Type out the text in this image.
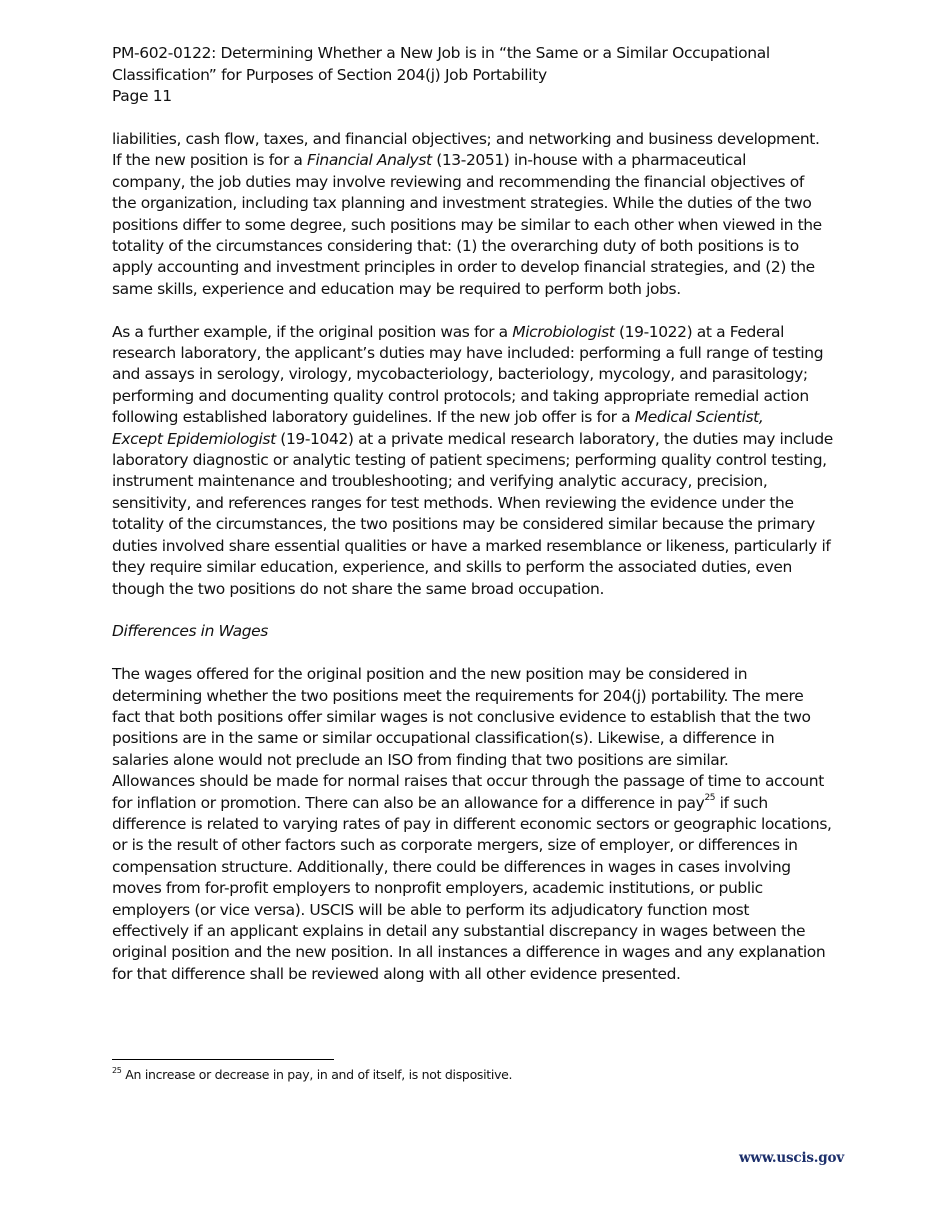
PM-602-0122: Determining Whether a New Job is in “the Same or a Similar Occupational
Classification” for Purposes of Section 204(j) Job Portability
Page 11
liabilities, cash flow, taxes, and financial objectives; and networking and business development.
If the new position is for a Financial Analyst (13-2051) in-house with a pharmaceutical
company, the job duties may involve reviewing and recommending the financial objectives of
the organization, including tax planning and investment strategies. While the duties of the two
positions differ to some degree, such positions may be similar to each other when viewed in the
totality of the circumstances considering that: (1) the overarching duty of both positions is to
apply accounting and investment principles in order to develop financial strategies, and (2) the
same skills, experience and education may be required to perform both jobs.
As a further example, if the original position was for a Microbiologist (19-1022) at a Federal
research laboratory, the applicant’s duties may have included: performing a full range of testing
and assays in serology, virology, mycobacteriology, bacteriology, mycology, and parasitology;
performing and documenting quality control protocols; and taking appropriate remedial action
following established laboratory guidelines. If the new job offer is for a Medical Scientist,
Except Epidemiologist (19-1042) at a private medical research laboratory, the duties may include
laboratory diagnostic or analytic testing of patient specimens; performing quality control testing,
instrument maintenance and troubleshooting; and verifying analytic accuracy, precision,
sensitivity, and references ranges for test methods. When reviewing the evidence under the
totality of the circumstances, the two positions may be considered similar because the primary
duties involved share essential qualities or have a marked resemblance or likeness, particularly if
they require similar education, experience, and skills to perform the associated duties, even
though the two positions do not share the same broad occupation.
Differences in Wages
The wages offered for the original position and the new position may be considered in
determining whether the two positions meet the requirements for 204(j) portability. The mere
fact that both positions offer similar wages is not conclusive evidence to establish that the two
positions are in the same or similar occupational classification(s). Likewise, a difference in
salaries alone would not preclude an ISO from finding that two positions are similar.
Allowances should be made for normal raises that occur through the passage of time to account
for inflation or promotion. There can also be an allowance for a difference in pay$^{25}$ if such
difference is related to varying rates of pay in different economic sectors or geographic locations,
or is the result of other factors such as corporate mergers, size of employer, or differences in
compensation structure. Additionally, there could be differences in wages in cases involving
moves from for-profit employers to nonprofit employers, academic institutions, or public
employers (or vice versa). USCIS will be able to perform its adjudicatory function most
effectively if an applicant explains in detail any substantial discrepancy in wages between the
original position and the new position. In all instances a difference in wages and any explanation
for that difference shall be reviewed along with all other evidence presented.
$^{25}$ An increase or decrease in pay, in and of itself, is not dispositive.
www.uscis.gov
